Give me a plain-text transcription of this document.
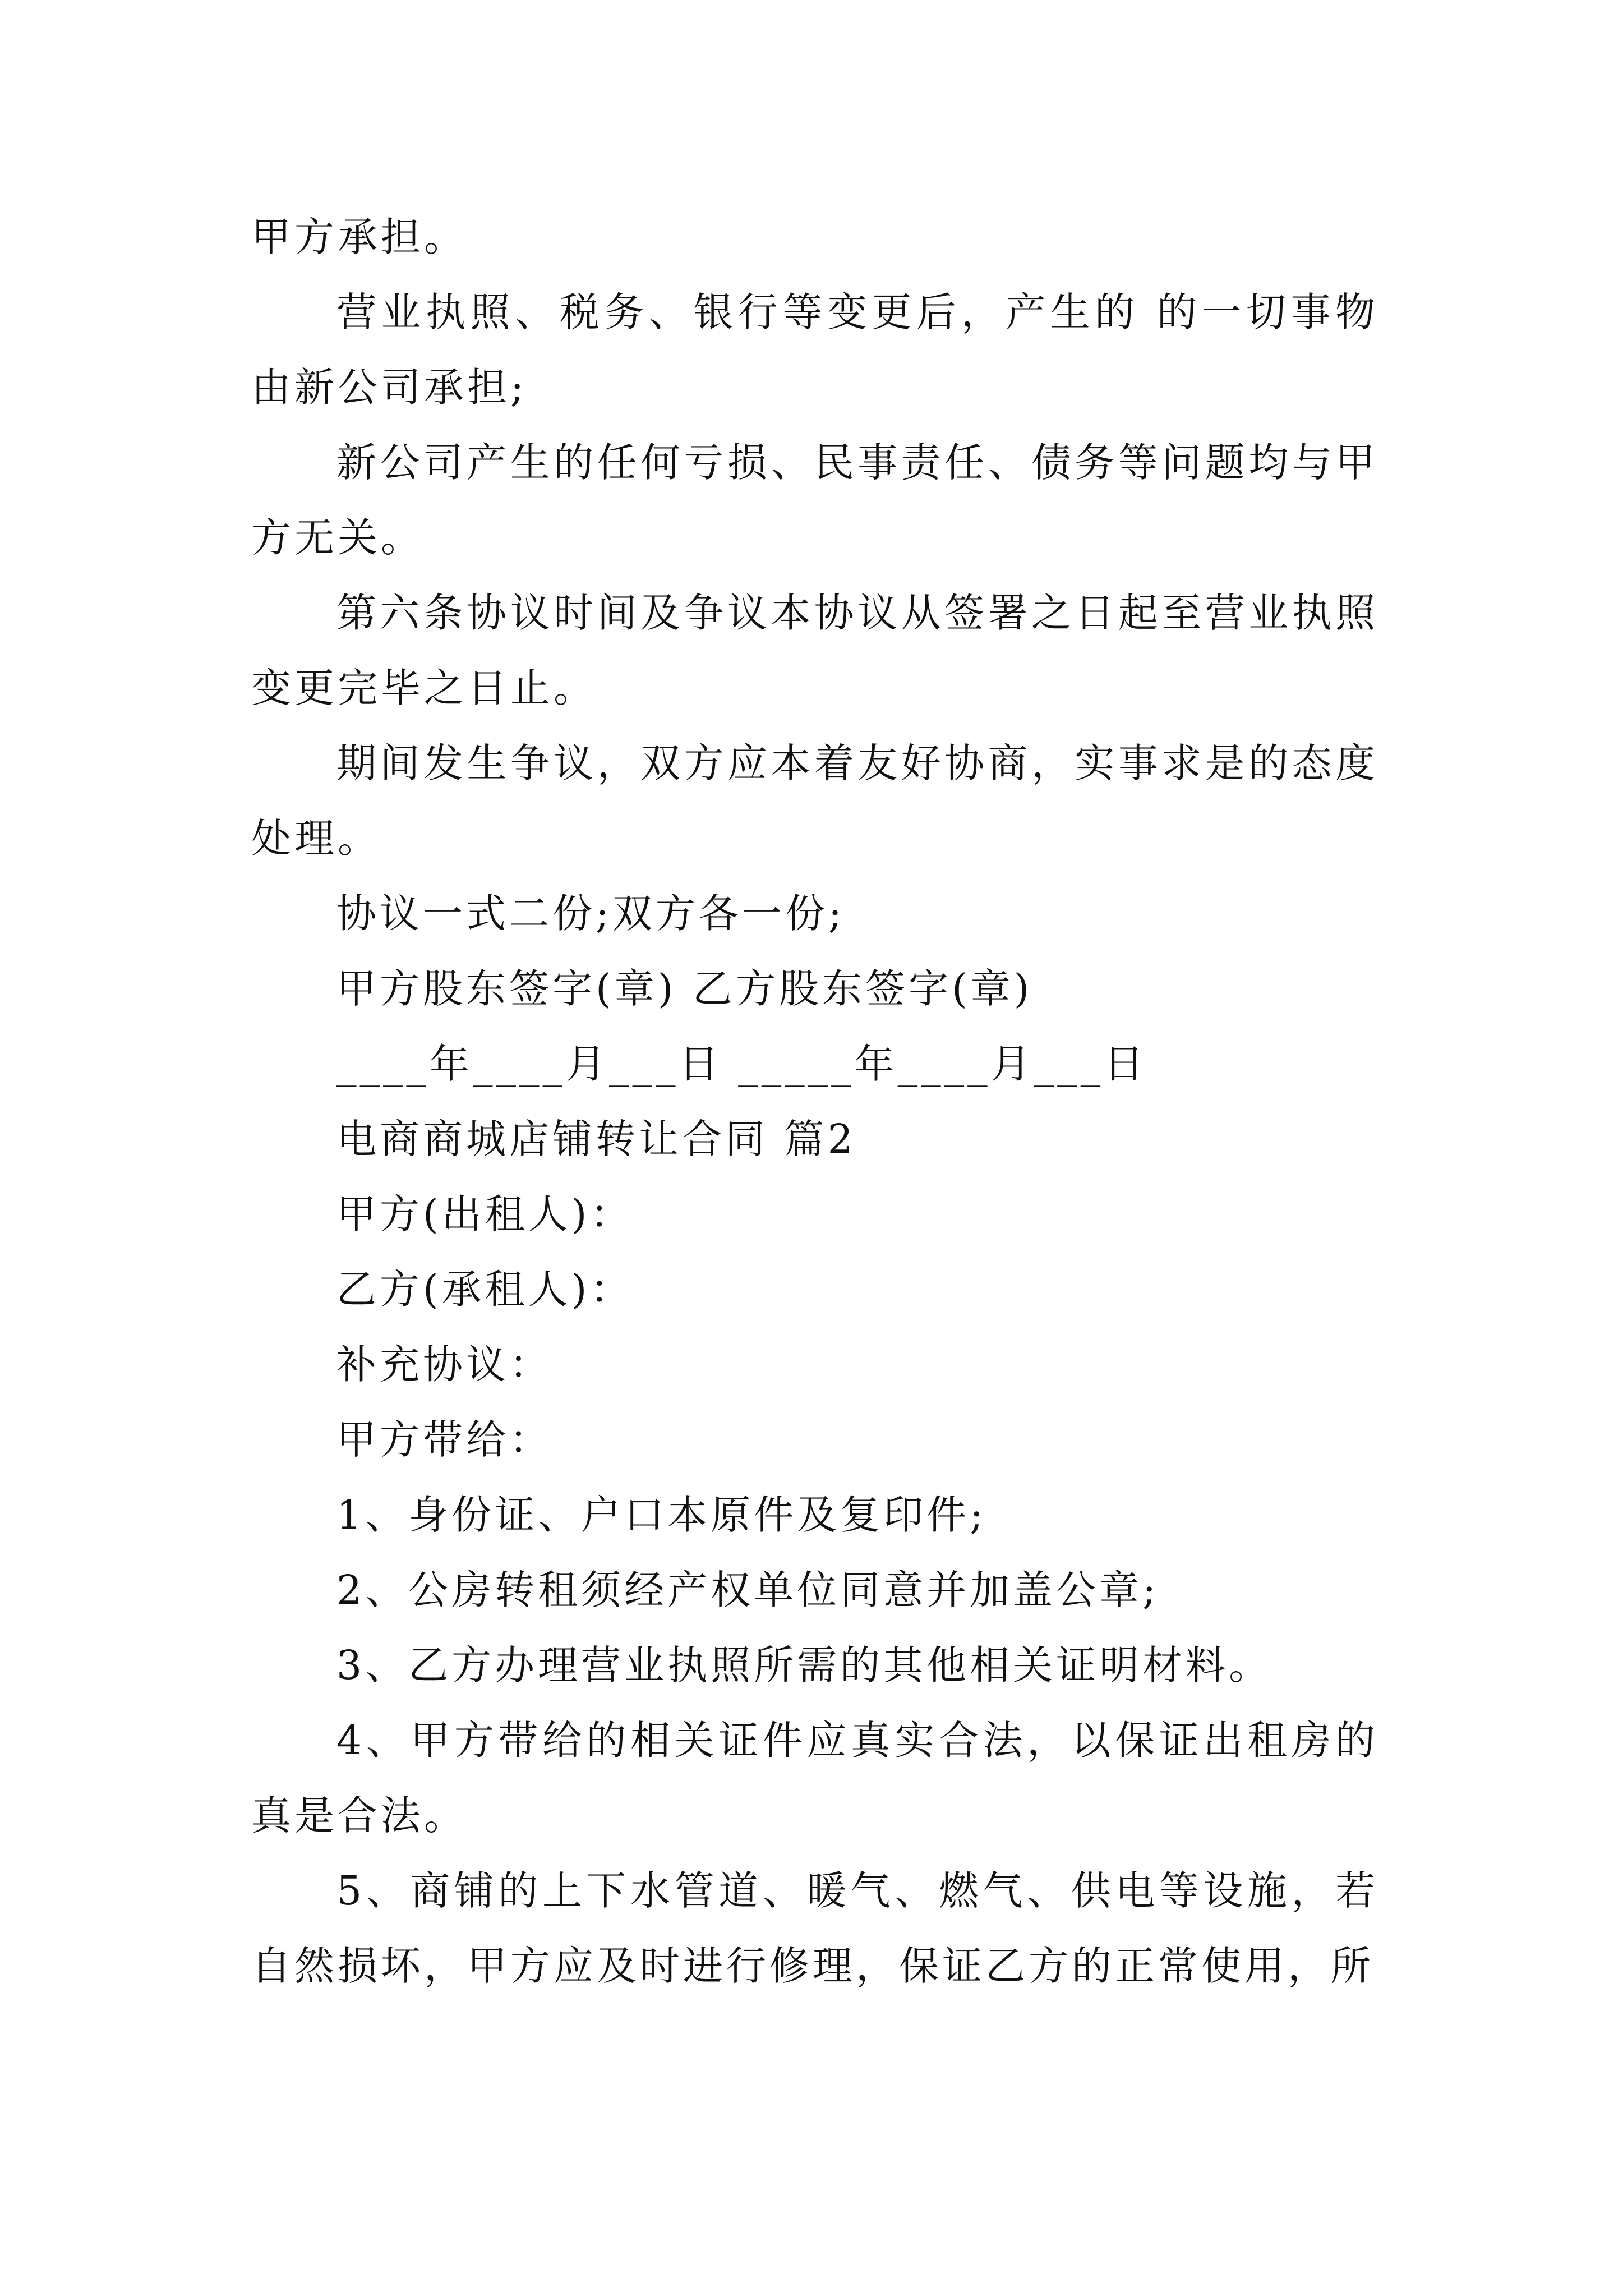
甲方承担。

营业执照、税务、银行等变更后，产生的 的一切事物由新公司承担;

新公司产生的任何亏损、民事责任、债务等问题均与甲方无关。

第六条协议时间及争议本协议从签署之日起至营业执照变更完毕之日止。

期间发生争议，双方应本着友好协商，实事求是的态度处理。

协议一式二份;双方各一份;

甲方股东签字(章) 乙方股东签字(章)

____年____月___日 _____年____月___日

电商商城店铺转让合同 篇2

甲方(出租人)：

乙方(承租人)：

补充协议：

甲方带给：

1、身份证、户口本原件及复印件;

2、公房转租须经产权单位同意并加盖公章;

3、乙方办理营业执照所需的其他相关证明材料。

4、甲方带给的相关证件应真实合法，以保证出租房的真是合法。

5、商铺的上下水管道、暖气、燃气、供电等设施，若自然损坏，甲方应及时进行修理，保证乙方的正常使用，所
